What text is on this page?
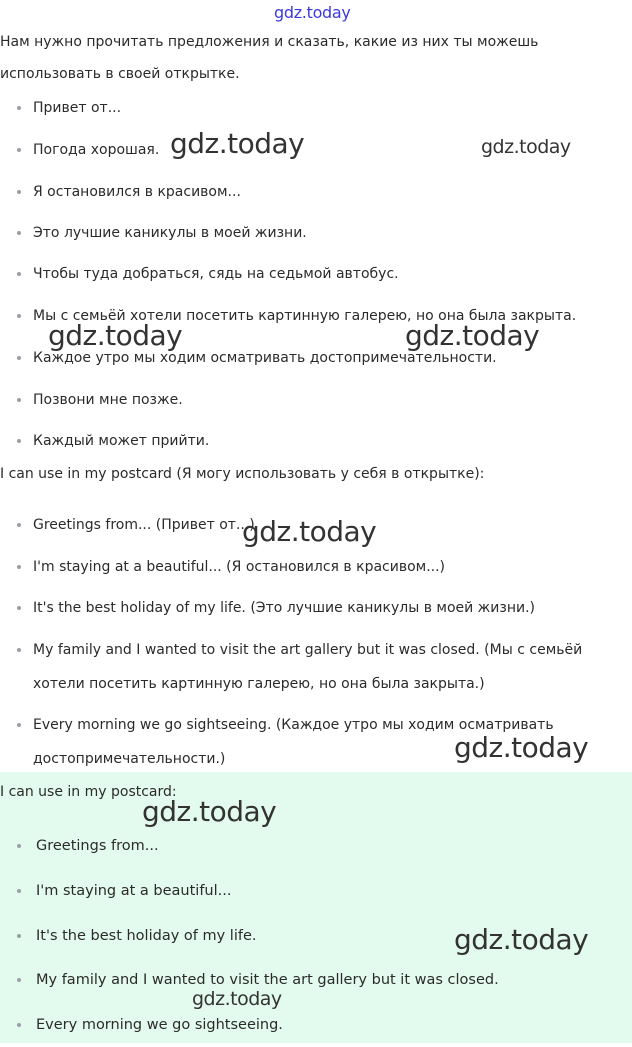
gdz.today

Нам нужно прочитать предложения и сказать, какие из них ты можешь использовать в своей открытке.

Привет от...
Погода хорошая.
Я остановился в красивом...
Это лучшие каникулы в моей жизни.
Чтобы туда добраться, сядь на седьмой автобус.
Мы с семьёй хотели посетить картинную галерею, но она была закрыта.
Каждое утро мы ходим осматривать достопримечательности.
Позвони мне позже.
Каждый может прийти.

I can use in my postcard (Я могу использовать у себя в открытке):

Greetings from... (Привет от...)
I'm staying at a beautiful... (Я остановился в красивом...)
It's the best holiday of my life. (Это лучшие каникулы в моей жизни.)
My family and I wanted to visit the art gallery but it was closed. (Мы с семьёй хотели посетить картинную галерею, но она была закрыта.)
Every morning we go sightseeing. (Каждое утро мы ходим осматривать достопримечательности.)

I can use in my postcard:

Greetings from...
I'm staying at a beautiful...
It's the best holiday of my life.
My family and I wanted to visit the art gallery but it was closed.
Every morning we go sightseeing.
gdz.today	gdz.today
gdz.today	gdz.today
gdz.today
gdz.today
gdz.today
gdz.today
gdz.today
